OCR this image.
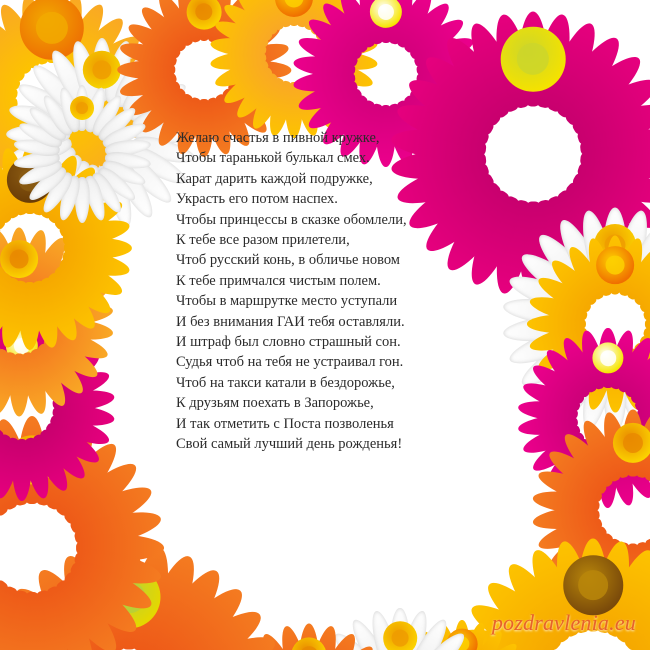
Желаю счастья в пивной кружке,
Чтобы таранькой булькал смех.
Карат дарить каждой подружке,
Украсть его потом наспех.
Чтобы принцессы в сказке обомлели,
К тебе все разом прилетели,
Чтоб русский конь, в обличье новом
К тебе примчался чистым полем.
Чтобы в маршрутке место уступали
И без внимания ГАИ тебя оставляли.
И штраф был словно страшный сон.
Судья чтоб на тебя не устраивал гон.
Чтоб на такси катали в бездорожье,
К друзьям поехать в Запорожье,
И так отметить с Поста позволенья
Свой самый лучший день рожденья!
pozdravlenia.eu
